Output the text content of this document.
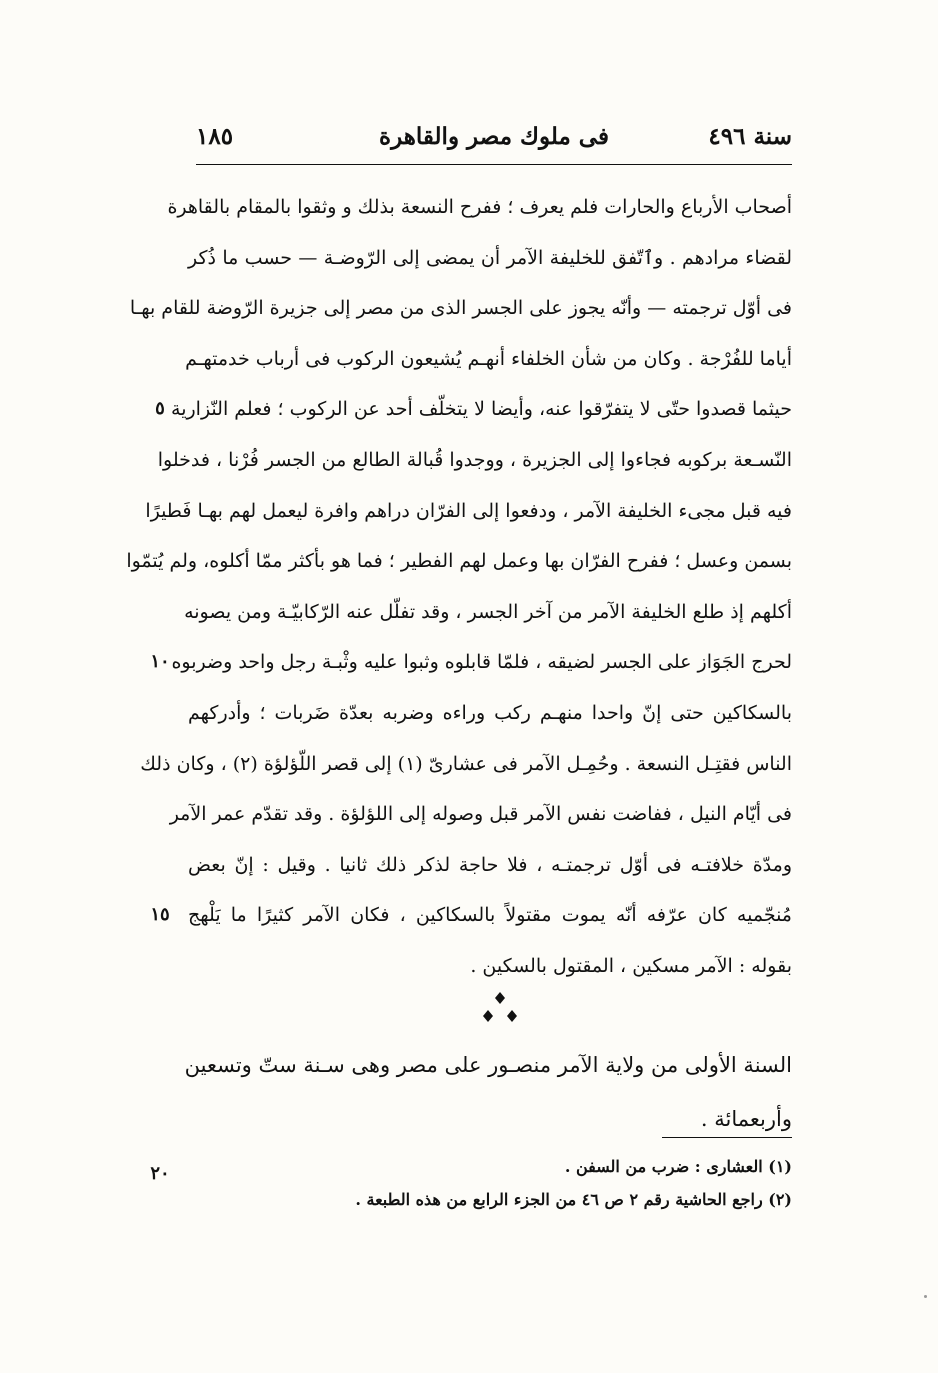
سنة ٤٩٦
فى ملوك مصر والقاهرة
١٨٥
أصحاب الأرباع والحارات فلم يعرف ؛ ففرح النسعة بذلك و وثقوا بالمقام بالقاهرة
لقضاء مرادهم . وٱتّفق للخليفة الآمر أن يمضى إلى الرّوضـة — حسب ما ذُكر
فى أوّل ترجمته — وأنّه يجوز على الجسر الذى من مصر إلى جزيرة الرّوضة للقام بهـا
أياما للفُرْجة . وكان من شأن الخلفاء أنهـم يُشيعون الركوب فى أرباب خدمتهـم
حيثما قصدوا حتّى لا يتفرّقوا عنه، وأيضا لا يتخلّف أحد عن الركوب ؛ فعلم النّزارية
النّسـعة بركوبه فجاءوا إلى الجزيرة ، ووجدوا قُبالة الطالع من الجسر فُرْنا ، فدخلوا
فيه قبل مجىء الخليفة الآمر ، ودفعوا إلى الفرّان دراهم وافرة ليعمل لهم بهـا فَطيرًا
بسمن وعسل ؛ ففرح الفرّان بها وعمل لهم الفطير ؛ فما هو بأكثر ممّا أكلوه، ولم يُتمّوا
أكلهم إذ طلع الخليفة الآمر من آخر الجسر ، وقد تفلّل عنه الرّكابيّـة ومن يصونه
لحرج الجَوَاز على الجسر لضيقه ، فلمّا قابلوه وثبوا عليه وثْبـة رجل واحد وضربوه
بالسكاكين حتى إنّ واحدا منهـم ركب وراءه وضربه بعدّة ضَربات ؛ وأدركهم
الناس فقتِـل النسعة . وحُمِـل الآمر فى عشارىّ (١) إلى قصر اللّؤلؤة (٢) ، وكان ذلك
فى أيّام النيل ، ففاضت نفس الآمر قبل وصوله إلى اللؤلؤة . وقد تقدّم عمر الآمر
ومدّة خلافتـه فى أوّل ترجمتـه ، فلا حاجة لذكر ذلك ثانيا . وقيل : إنّ بعض
مُنجّميه كان عرّفه أنّه يموت مقتولاً بالسكاكين ، فكان الآمر كثيرًا ما يَلْهج
بقوله : الآمر مسكين ، المقتول بالسكين .
٥
١٠
١٥
السنة الأولى من ولاية الآمر منصـور على مصر وهى سـنة ستّ وتسعين
وأربعمائة .
(١) العشارى : ضرب من السفن .
(٢) راجع الحاشية رقم ٢ ص ٤٦ من الجزء الرابع من هذه الطبعة .
٢٠
